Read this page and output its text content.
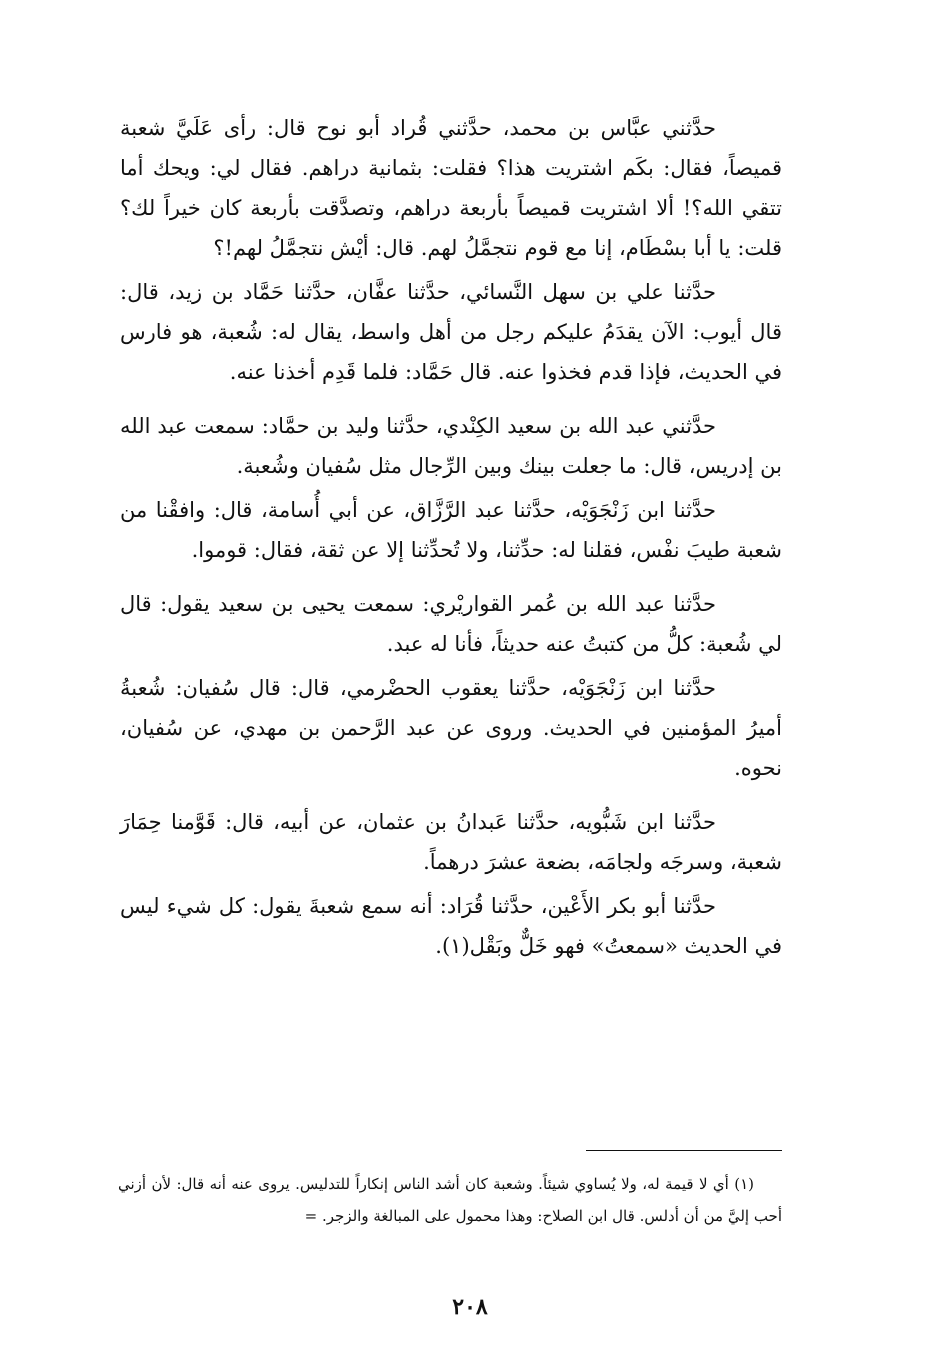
حدَّثني عبَّاس بن محمد، حدَّثني قُراد أبو نوح قال: رأى عَلَيَّ شعبة قميصاً، فقال: بكَم اشتريت هذا؟ فقلت: بثمانية دراهم. فقال لي: ويحك أما تتقي الله؟! ألا اشتريت قميصاً بأربعة دراهم، وتصدَّقت بأربعة كان خيراً لك؟ قلت: يا أبا بسْطَام، إنا مع قوم نتجمَّلُ لهم. قال: أيْش نتجمَّلُ لهم!؟

حدَّثنا علي بن سهل النَّسائي، حدَّثنا عفَّان، حدَّثنا حَمَّاد بن زيد، قال: قال أيوب: الآن يقدَمُ عليكم رجل من أهل واسط، يقال له: شُعبة، هو فارس في الحديث، فإذا قدم فخذوا عنه. قال حَمَّاد: فلما قَدِم أخذنا عنه.

حدَّثني عبد الله بن سعيد الكِنْدي، حدَّثنا وليد بن حمَّاد: سمعت عبد الله بن إدريس، قال: ما جعلت بينك وبين الرِّجال مثل سُفيان وشُعبة.

حدَّثنا ابن زَنْجَوَيْه، حدَّثنا عبد الرَّزَّاق، عن أبي أُسامة، قال: وافقْنا من شعبة طيبَ نفْس، فقلنا له: حدِّثنا، ولا تُحدِّثنا إلا عن ثقة، فقال: قوموا.

حدَّثنا عبد الله بن عُمر القواريْري: سمعت يحيى بن سعيد يقول: قال لي شُعبة: كلُّ من كتبتُ عنه حديثاً، فأنا له عبد.

حدَّثنا ابن زَنْجَوَيْه، حدَّثنا يعقوب الحضْرمي، قال: قال سُفيان: شُعبةُ أميرُ المؤمنين في الحديث. وروى عن عبد الرَّحمن بن مهدي، عن سُفيان، نحوه.

حدَّثنا ابن شَبُّويه، حدَّثنا عَبدانُ بن عثمان، عن أبيه، قال: قَوَّمنا حِمَارَ شعبة، وسرجَه ولجامَه، بضعة عشرَ درهماً.

حدَّثنا أبو بكر الأَعْين، حدَّثنا قُرَاد: أنه سمع شعبةَ يقول: كل شيء ليس في الحديث «سمعتُ» فهو خَلٌّ وبَقْل(١).

(١) أي لا قيمة له، ولا يُساوي شيئاً. وشعبة كان أشد الناس إنكاراً للتدليس. يروى عنه أنه قال: لأن أزني أحب إليَّ من أن أدلس. قال ابن الصلاح: وهذا محمول على المبالغة والزجر. =

٢٠٨
